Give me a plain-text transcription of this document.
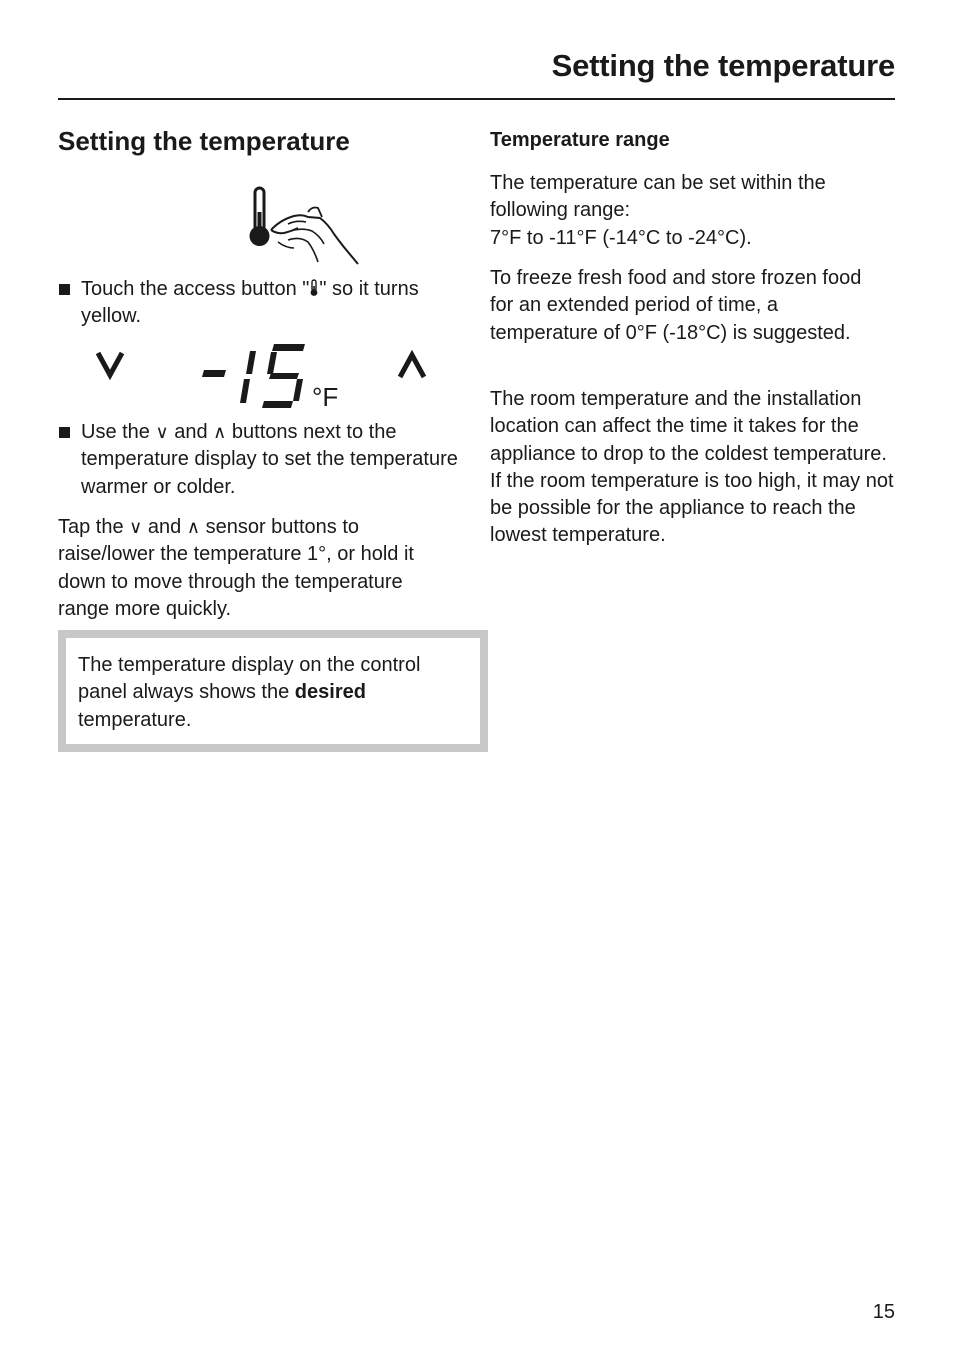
Setting the temperature
Setting the temperature
Touch the access button " " so it turns yellow.
°F
Use the ∨ and ∧ buttons next to the temperature display to set the temperature warmer or colder.

Tap the ∨ and ∧ sensor buttons to raise/lower the temperature 1°, or hold it down to move through the temperature range more quickly.

The temperature display on the control panel always shows the desired temperature.

Temperature range

The temperature can be set within the following range:

7°F to -11°F (-14°C to -24°C).

To freeze fresh food and store frozen food for an extended period of time, a temperature of 0°F (-18°C) is suggested.

The room temperature and the installation location can affect the time it takes for the appliance to drop to the coldest temperature. If the room temperature is too high, it may not be possible for the appliance to reach the lowest temperature.

15
